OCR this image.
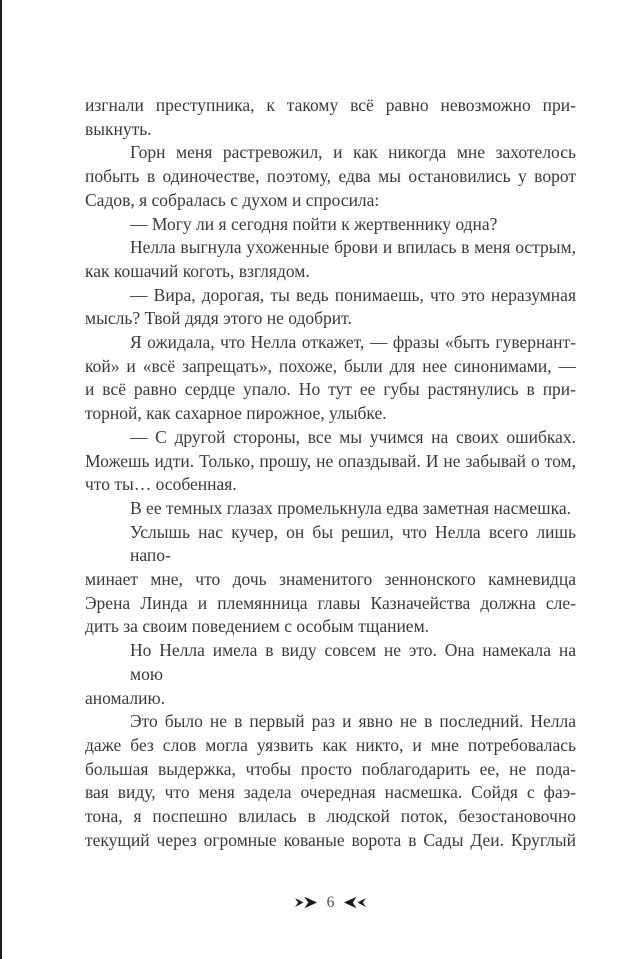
изгнали преступника, к такому всё равно невозможно при-
выкнуть.
Горн меня растревожил, и как никогда мне захотелось
побыть в одиночестве, поэтому, едва мы остановились у ворот
Садов, я собралась с духом и спросила:
— Могу ли я сегодня пойти к жертвеннику одна?
Нелла выгнула ухоженные брови и впилась в меня острым,
как кошачий коготь, взглядом.
— Вира, дорогая, ты ведь понимаешь, что это неразумная
мысль? Твой дядя этого не одобрит.
Я ожидала, что Нелла откажет, — фразы «быть гувернант-
кой» и «всё запрещать», похоже, были для нее синонимами, —
и всё равно сердце упало. Но тут ее губы растянулись в при-
торной, как сахарное пирожное, улыбке.
— С другой стороны, все мы учимся на своих ошибках.
Можешь идти. Только, прошу, не опаздывай. И не забывай о том,
что ты… особенная.
В ее темных глазах промелькнула едва заметная насмешка.
Услышь нас кучер, он бы решил, что Нелла всего лишь напо-
минает мне, что дочь знаменитого зеннонского камневидца
Эрена Линда и племянница главы Казначейства должна сле-
дить за своим поведением с особым тщанием.
Но Нелла имела в виду совсем не это. Она намекала на мою
аномалию.
Это было не в первый раз и явно не в последний. Нелла
даже без слов могла уязвить как никто, и мне потребовалась
большая выдержка, чтобы просто поблагодарить ее, не пода-
вая виду, что меня задела очередная насмешка. Сойдя с фаэ-
тона, я поспешно влилась в людской поток, безостановочно
текущий через огромные кованые ворота в Сады Деи. Круглый
6
